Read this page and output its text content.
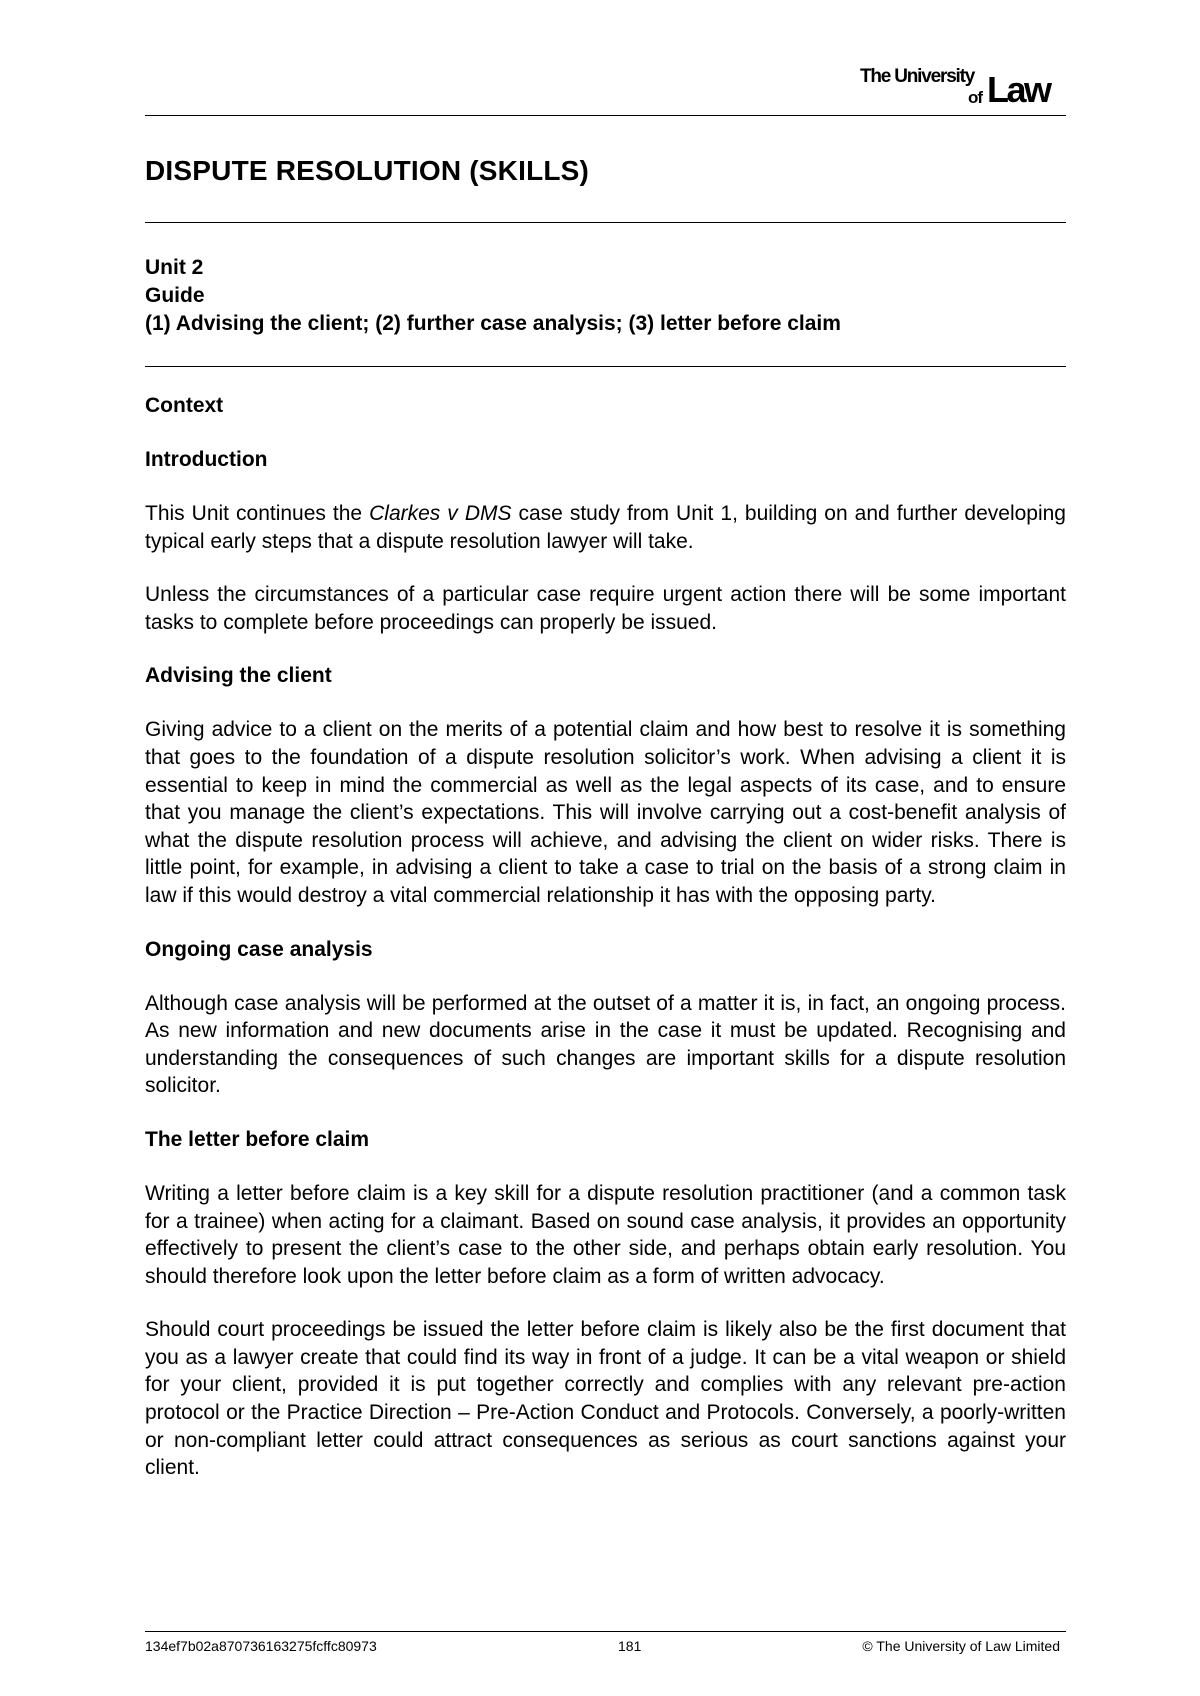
The University
of Law
DISPUTE RESOLUTION (SKILLS)
Unit 2
Guide
(1) Advising the client; (2) further case analysis; (3) letter before claim
Context
Introduction

This Unit continues the Clarkes v DMS case study from Unit 1, building on and further developing typical early steps that a dispute resolution lawyer will take.

Unless the circumstances of a particular case require urgent action there will be some important tasks to complete before proceedings can properly be issued.

Advising the client

Giving advice to a client on the merits of a potential claim and how best to resolve it is something that goes to the foundation of a dispute resolution solicitor’s work. When advising a client it is essential to keep in mind the commercial as well as the legal aspects of its case, and to ensure that you manage the client’s expectations. This will involve carrying out a cost-benefit analysis of what the dispute resolution process will achieve, and advising the client on wider risks. There is little point, for example, in advising a client to take a case to trial on the basis of a strong claim in law if this would destroy a vital commercial relationship it has with the opposing party.

Ongoing case analysis

Although case analysis will be performed at the outset of a matter it is, in fact, an ongoing process. As new information and new documents arise in the case it must be updated. Recognising and understanding the consequences of such changes are important skills for a dispute resolution solicitor.

The letter before claim

Writing a letter before claim is a key skill for a dispute resolution practitioner (and a common task for a trainee) when acting for a claimant. Based on sound case analysis, it provides an opportunity effectively to present the client’s case to the other side, and perhaps obtain early resolution. You should therefore look upon the letter before claim as a form of written advocacy.

Should court proceedings be issued the letter before claim is likely also be the first document that you as a lawyer create that could find its way in front of a judge. It can be a vital weapon or shield for your client, provided it is put together correctly and complies with any relevant pre-action protocol or the Practice Direction – Pre-Action Conduct and Protocols. Conversely, a poorly-written or non-compliant letter could attract consequences as serious as court sanctions against your client.

134ef7b02a870736163275fcffc80973	181	© The University of Law Limited
